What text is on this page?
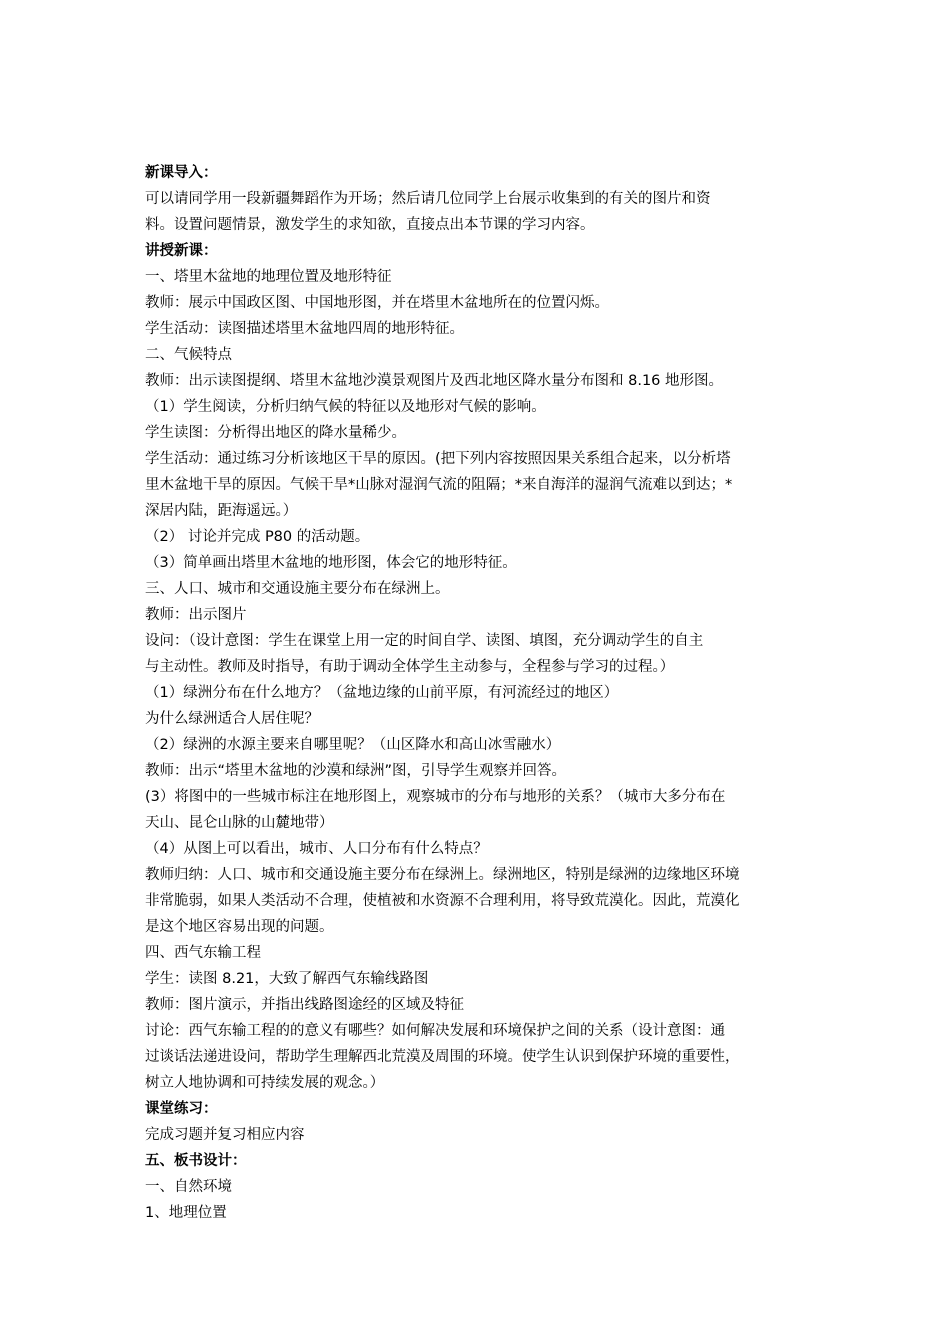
新课导入：

可以请同学用一段新疆舞蹈作为开场；然后请几位同学上台展示收集到的有关的图片和资

料。设置问题情景，激发学生的求知欲，直接点出本节课的学习内容。

讲授新课：

一、塔里木盆地的地理位置及地形特征

教师：展示中国政区图、中国地形图，并在塔里木盆地所在的位置闪烁。

学生活动：读图描述塔里木盆地四周的地形特征。

二、气候特点

教师：出示读图提纲、塔里木盆地沙漠景观图片及西北地区降水量分布图和 8.16 地形图。

（1）学生阅读，分析归纳气候的特征以及地形对气候的影响。

学生读图：分析得出地区的降水量稀少。

学生活动：通过练习分析该地区干旱的原因。(把下列内容按照因果关系组合起来，以分析塔

里木盆地干旱的原因。气候干旱*山脉对湿润气流的阻隔；*来自海洋的湿润气流难以到达；*

深居内陆，距海遥远。）

（2） 讨论并完成 P80 的活动题。

（3）简单画出塔里木盆地的地形图，体会它的地形特征。

三、人口、城市和交通设施主要分布在绿洲上。

教师：出示图片

设问：（设计意图：学生在课堂上用一定的时间自学、读图、填图，充分调动学生的自主

与主动性。教师及时指导，有助于调动全体学生主动参与，全程参与学习的过程。）

（1）绿洲分布在什么地方？（盆地边缘的山前平原，有河流经过的地区）

为什么绿洲适合人居住呢？

（2）绿洲的水源主要来自哪里呢？（山区降水和高山冰雪融水）

教师：出示“塔里木盆地的沙漠和绿洲”图，引导学生观察并回答。

(3）将图中的一些城市标注在地形图上，观察城市的分布与地形的关系？（城市大多分布在

天山、昆仑山脉的山麓地带）

（4）从图上可以看出，城市、人口分布有什么特点？

教师归纳：人口、城市和交通设施主要分布在绿洲上。绿洲地区，特别是绿洲的边缘地区环境

非常脆弱，如果人类活动不合理，使植被和水资源不合理利用，将导致荒漠化。因此，荒漠化

是这个地区容易出现的问题。

四、西气东输工程

学生：读图 8.21，大致了解西气东输线路图

教师：图片演示，并指出线路图途经的区域及特征

讨论：西气东输工程的的意义有哪些？如何解决发展和环境保护之间的关系（设计意图：通

过谈话法递进设问，帮助学生理解西北荒漠及周围的环境。使学生认识到保护环境的重要性，

树立人地协调和可持续发展的观念。）

课堂练习：

完成习题并复习相应内容

五、板书设计：

一、自然环境

1、地理位置
